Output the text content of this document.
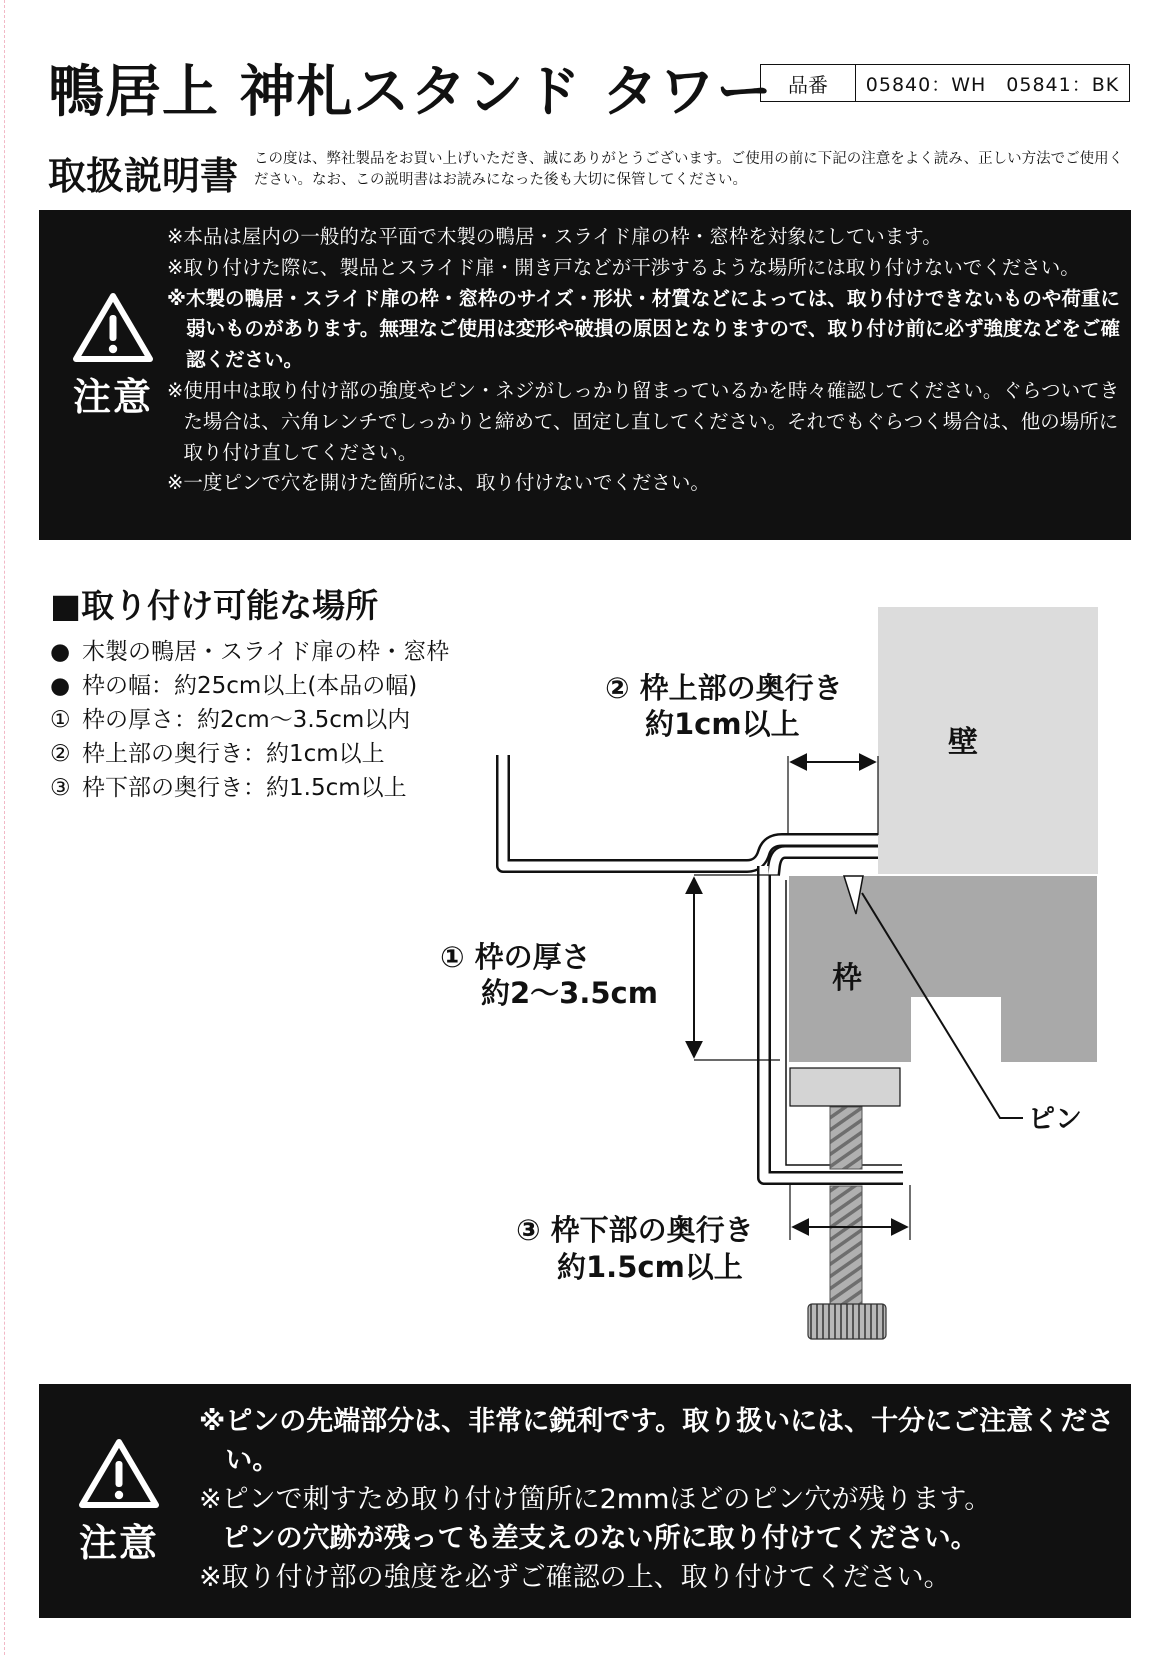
鴨居上 神札スタンド タワー 品番	05840：WH　05841：BK
取扱説明書 この度は、弊社製品をお買い上げいただき、誠にありがとうございます。ご使用の前に下記の注意をよく読み、正しい方法でご使用ください。なお、この説明書はお読みになった後も大切に保管してください。
注意
※ 本品は屋内の一般的な平面で木製の鴨居・スライド扉の枠・窓枠を対象にしています。
※ 取り付けた際に、製品とスライド扉・開き戸などが干渉するような場所には取り付けないでください。
※ 木製の鴨居・スライド扉の枠・窓枠のサイズ・形状・材質などによっては、取り付けできないものや荷重に弱いものがあります。無理なご使用は変形や破損の原因となりますので、取り付け前に必ず強度などをご確認ください。
※ 使用中は取り付け部の強度やピン・ネジがしっかり留まっているかを時々確認してください。ぐらついてきた場合は、六角レンチでしっかりと締めて、固定し直してください。それでもぐらつく場合は、他の場所に取り付け直してください。
※ 一度ピンで穴を開けた箇所には、取り付けないでください。
■取り付け可能な場所
● 木製の鴨居・スライド扉の枠・窓枠
● 枠の幅：約25cm以上(本品の幅)
① 枠の厚さ：約2cm〜3.5cm以内
② 枠上部の奥行き：約1cm以上
③ 枠下部の奥行き：約1.5cm以上
壁
枠
ピン
① 枠の厚さ
約2〜3.5cm
② 枠上部の奥行き
約1cm以上
③ 枠下部の奥行き
約1.5cm以上
注意
※ ピンの先端部分は、非常に鋭利です。取り扱いには、十分にご注意ください。
※ ピンで刺すため取り付け箇所に2mmほどのピン穴が残ります。
ピンの穴跡が残っても差支えのない所に取り付けてください。
※ 取り付け部の強度を必ずご確認の上、取り付けてください。
